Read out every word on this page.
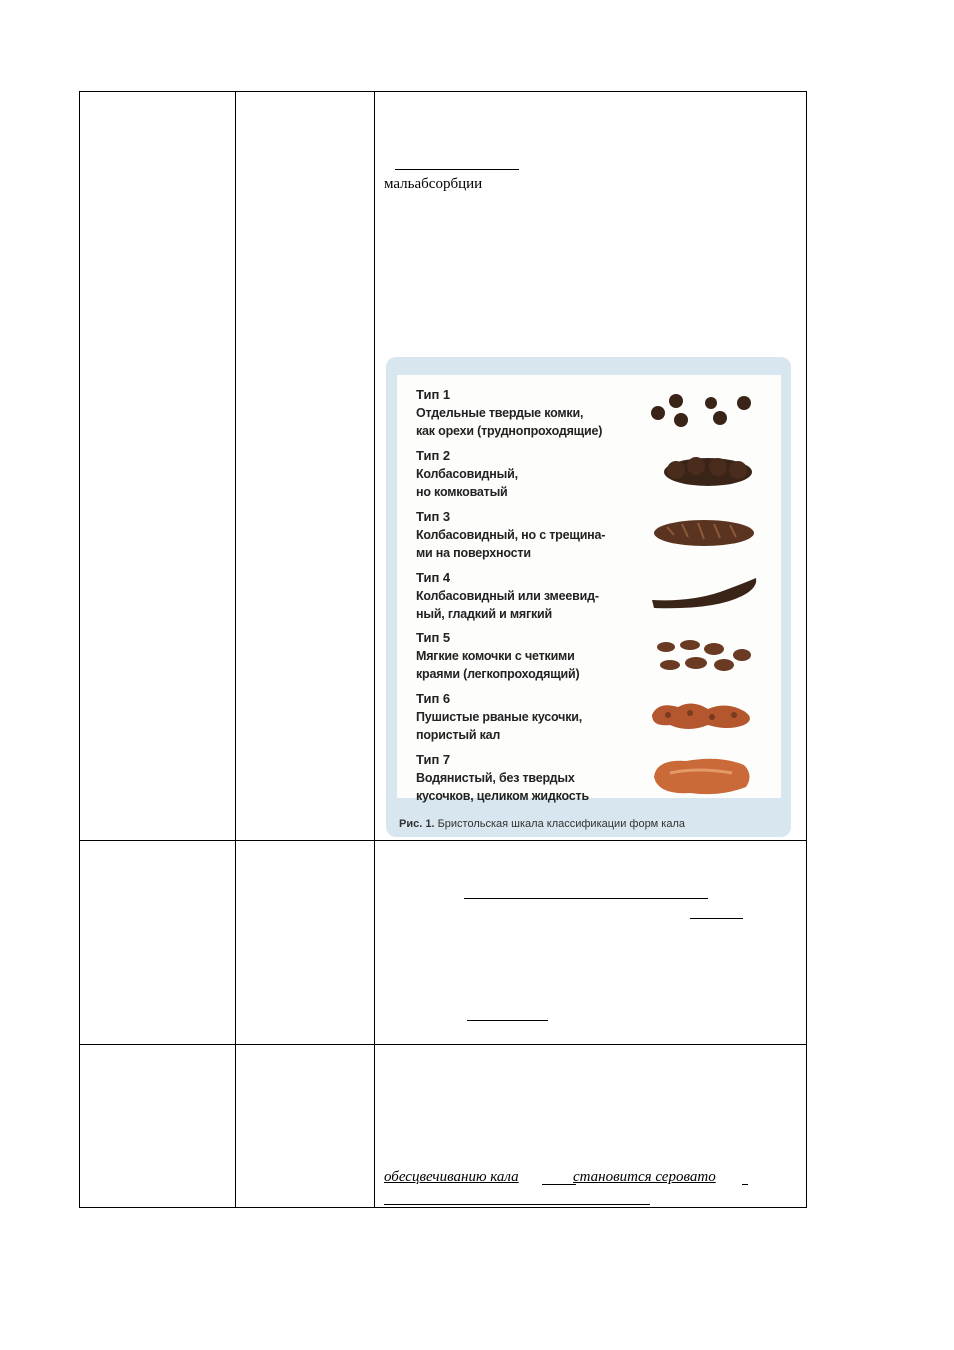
мальабсорбции
Тип 1
Отдельные твердые комки,
как орехи (труднопроходящие)
Тип 2
Колбасовидный,
но комковатый
Тип 3
Колбасовидный, но с трещина-
ми на поверхности
Тип 4
Колбасовидный или змеевид-
ный, гладкий и мягкий
Тип 5
Мягкие комочки с четкими
краями (легкопроходящий)
Тип 6
Пушистые рваные кусочки,
пористый кал
Тип 7
Водянистый, без твердых
кусочков, целиком жидкость
Рис. 1. Бристольская шкала классификации форм кала
обесцвечиванию кала	становится серовато
